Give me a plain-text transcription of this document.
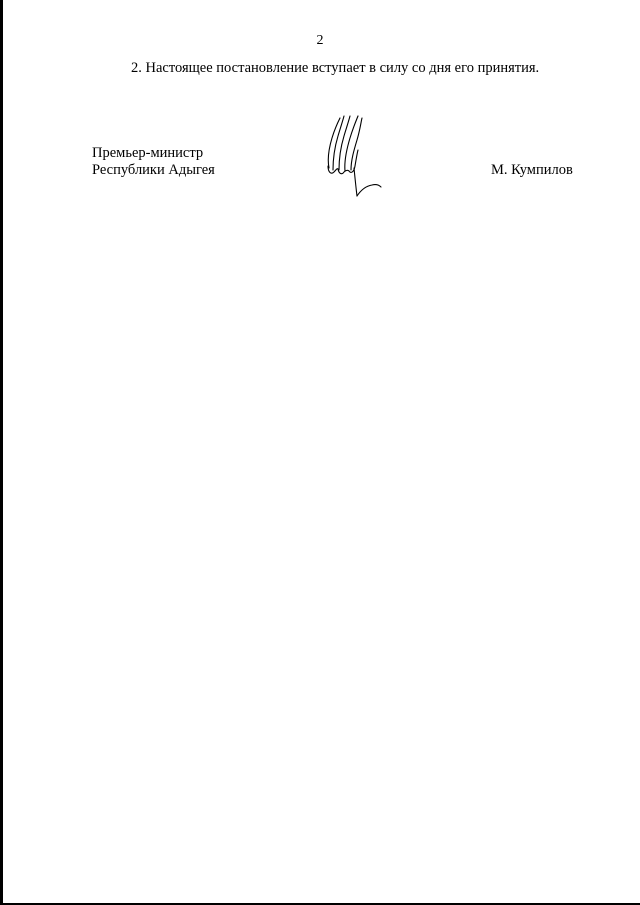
2
2. Настоящее постановление вступает в силу со дня его принятия.
Премьер-министр
Республики Адыгея	М. Кумпилов
